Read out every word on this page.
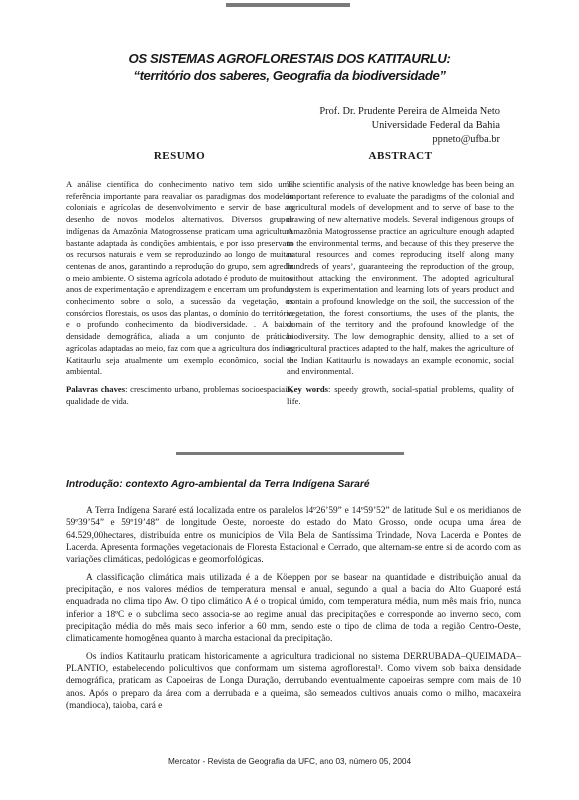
OS SISTEMAS AGROFLORESTAIS DOS KATITAURLU:

“território dos saberes, Geografia da biodiversidade”

Prof. Dr. Prudente Pereira de Almeida Neto
Universidade Federal da Bahia
ppneto@ufba.br

RESUMO

A análise científica do conhecimento nativo tem sido uma referência importante para reavaliar os paradigmas dos modelos coloniais e agrícolas de desenvolvimento e servir de base ao desenho de novos modelos alternativos. Diversos grupos indígenas da Amazônia Matogrossense praticam uma agricultura bastante adaptada às condições ambientais, e por isso preservam os recursos naturais e vem se reproduzindo ao longo de muitas centenas de anos, garantindo a reprodução do grupo, sem agredir o meio ambiente. O sistema agrícola adotado é produto de muitos anos de experimentação e aprendizagem e encerram um profundo conhecimento sobre o solo, a sucessão da vegetação, os consórcios florestais, os usos das plantas, o domínio do território e o profundo conhecimento da biodiversidade. . A baixa densidade demográfica, aliada a um conjunto de práticas agrícolas adaptadas ao meio, faz com que a agricultura dos índios Katitaurlu seja atualmente um exemplo econômico, social e ambiental.

Palavras chaves: crescimento urbano, problemas socioespaciais, qualidade de vida.

ABSTRACT

The scientific analysis of the native knowledge has been being an important reference to evaluate the paradigms of the colonial and agricultural models of development and to serve of base to the drawing of new alternative models. Several indigenous groups of Amazônia Matogrossense practice an agriculture enough adapted to the environmental terms, and because of this they preserve the natural resources and comes reproducing itself along many hundreds of years’, guaranteeing the reproduction of the group, without attacking the environment. The adopted agricultural system is experimentation and learning lots of years product and contain a profound knowledge on the soil, the succession of the vegetation, the forest consortiums, the uses of the plants, the domain of the territory and the profound knowledge of the biodiversity. The low demographic density, allied to a set of agricultural practices adapted to the half, makes the agriculture of the Indian Katitaurlu is nowadays an example economic, social and environmental.

Key words: speedy growth, social-spatial problems, quality of life.

Introdução: contexto Agro-ambiental da Terra Indígena Sararé

A Terra Indígena Sararé está localizada entre os paralelos l4º26’59” e 14º59’52” de latitude Sul e os meridianos de 59º39’54” e 59º19’48” de longitude Oeste, noroeste do estado do Mato Grosso, onde ocupa uma área de 64.529,00hectares, distribuída entre os municípios de Vila Bela de Santíssima Trindade, Nova Lacerda e Pontes de Lacerda. Apresenta formações vegetacionais de Floresta Estacional e Cerrado, que alternam-se entre si de acordo com as variações climáticas, pedológicas e geomorfológicas.

A classificação climática mais utilizada é a de Köeppen por se basear na quantidade e distribuição anual da precipitação, e nos valores médios de temperatura mensal e anual, segundo a qual a bacia do Alto Guaporé está enquadrada no clima tipo Aw. O tipo climático A é o tropical úmido, com temperatura média, num mês mais frio, nunca inferior a 18ºC e o subclima seco associa-se ao regime anual das precipitações e corresponde ao inverno seco, com precipitação média do mês mais seco inferior a 60 mm, sendo este o tipo de clima de toda a região Centro-Oeste, climaticamente homogênea quanto à marcha estacional da precipitação.

Os índios Katitaurlu praticam historicamente a agricultura tradicional no sistema DERRUBADA–QUEIMADA–PLANTIO, estabelecendo policultivos que conformam um sistema agroflorestal¹. Como vivem sob baixa densidade demográfica, praticam as Capoeiras de Longa Duração, derrubando eventualmente capoeiras sempre com mais de 10 anos. Após o preparo da área com a derrubada e a queima, são semeados cultivos anuais como o milho, macaxeira (mandioca), taioba, cará e

Mercator - Revista de Geografia da UFC, ano 03, número 05, 2004
